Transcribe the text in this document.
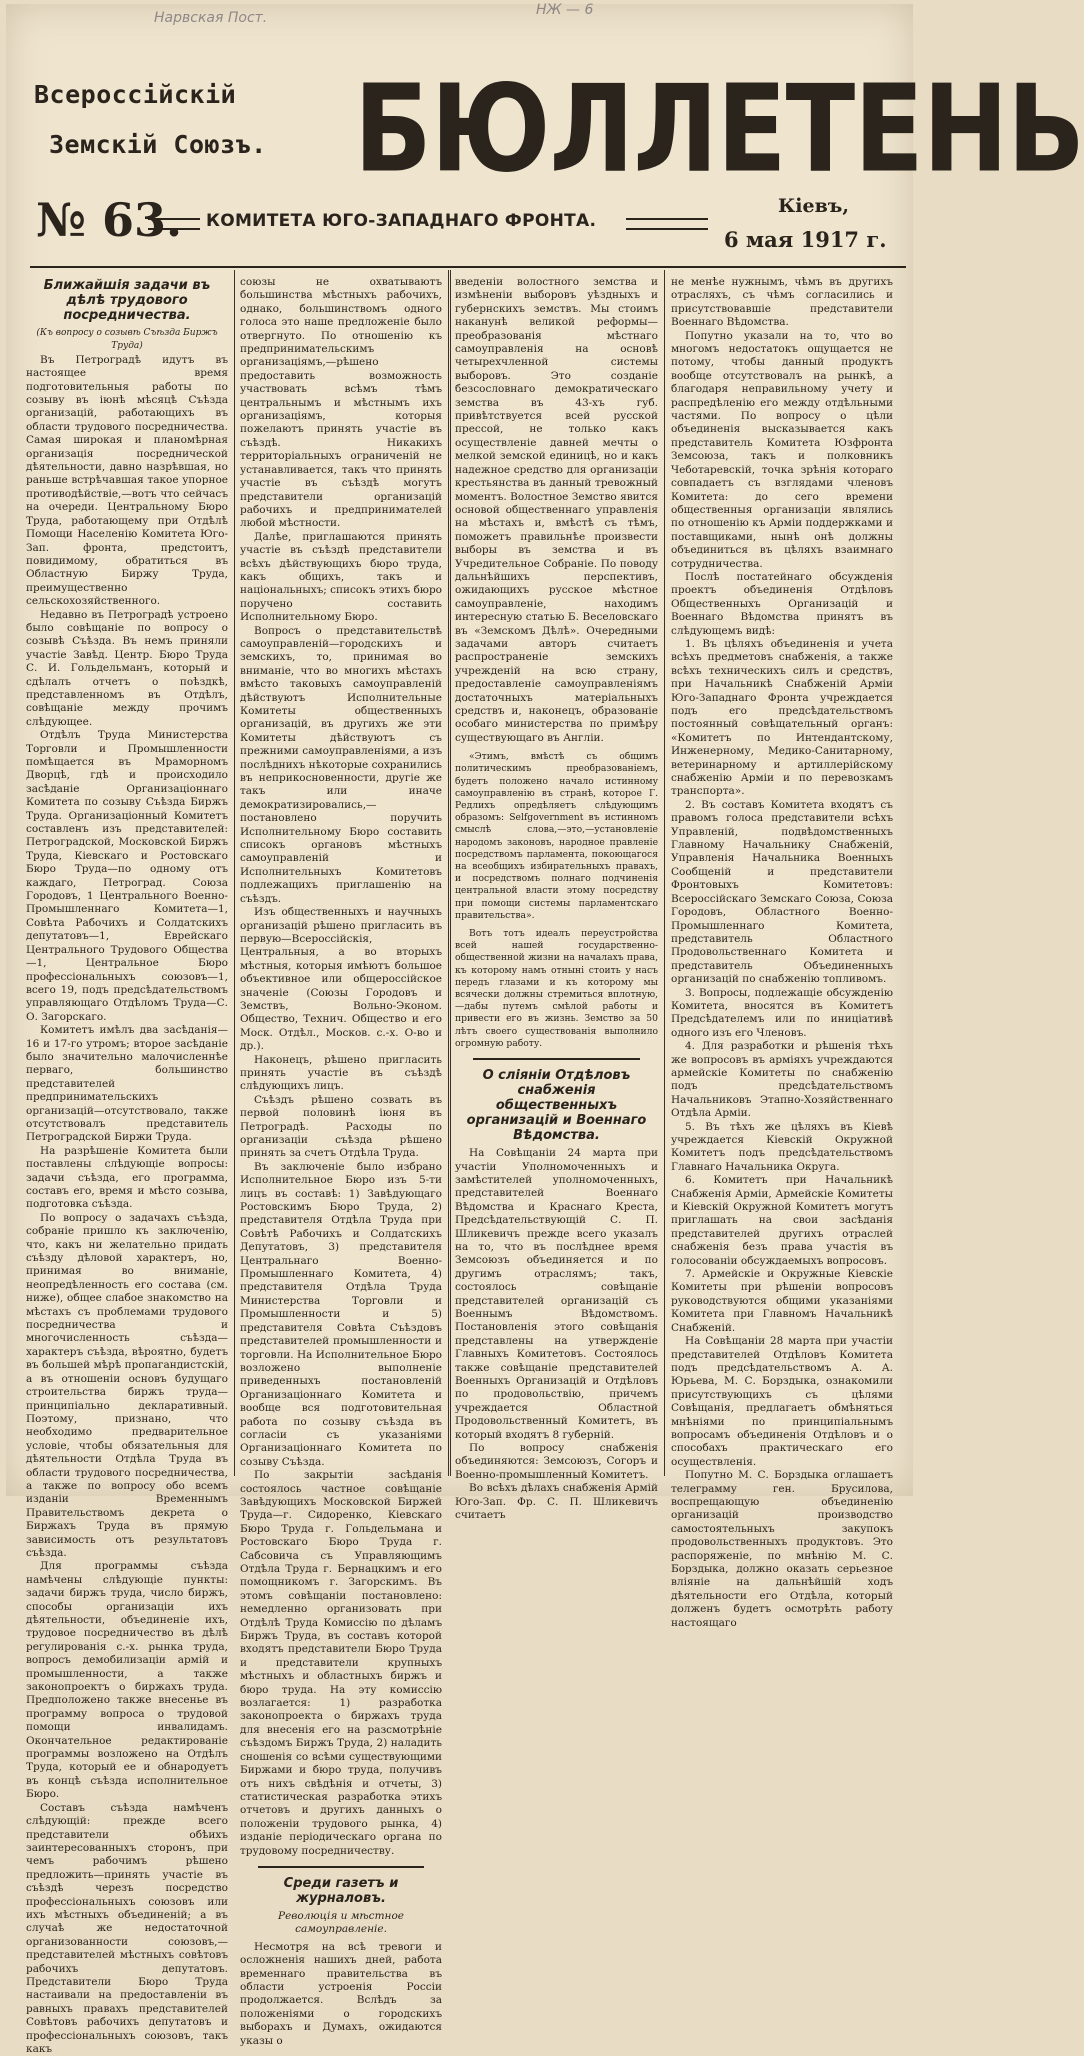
Нарвская Пост.	НЖ — 6
Всероссійскій
Земскій Союзъ. БЮЛЛЕТЕНЬ
№ 63. КОМИТЕТА ЮГО-ЗАПАДНАГО ФРОНТА.
Кіевъ,
6 мая 1917 г.
Ближайшія задачи въ дѣлѣ трудового посредничества.

(Къ вопросу о созывѣ Съѣзда Биржъ Труда)

Въ Петроградѣ идутъ въ настоящее время подготовительныя работы по созыву въ іюнѣ мѣсяцѣ Съѣзда организацій, работающихъ въ области трудового посредничества. Самая широкая и планомѣрная организація посреднической дѣятельности, давно назрѣвшая, но раньше встрѣчавшая такое упорное противодѣйствіе,—вотъ что сейчасъ на очереди. Центральному Бюро Труда, работающему при Отдѣлѣ Помощи Населенію Комитета Юго-Зап. фронта, предстоитъ, повидимому, обратиться въ Областную Биржу Труда, преимущественно сельскохозяйственного.

Недавно въ Петроградѣ устроено было совѣщаніе по вопросу о созывѣ Съѣзда. Въ немъ приняли участіе Завѣд. Центр. Бюро Труда С. И. Гольдельманъ, который и сдѣлалъ отчетъ о поѣздкѣ, представленномъ въ Отдѣлъ, совѣщаніе между прочимъ слѣдующее.

Отдѣлъ Труда Министерства Торговли и Промышленности помѣщается въ Мраморномъ Дворцѣ, гдѣ и происходило засѣданіе Организаціоннаго Комитета по созыву Съѣзда Биржъ Труда. Организаціонный Комитетъ составленъ изъ представителей: Петроградской, Московской Биржъ Труда, Кіевскаго и Ростовскаго Бюро Труда—по одному отъ каждаго, Петроград. Союза Городовъ, 1 Центрального Военно-Промышленнаго Комитета—1, Совѣта Рабочихъ и Солдатскихъ депутатовъ—1, Еврейскаго Центрального Трудового Общества—1, Центральное Бюро профессіональныхъ союзовъ—1, всего 19, подъ предсѣдательствомъ управляющаго Отдѣломъ Труда—С. О. Загорскаго.

Комитетъ имѣлъ два засѣданія—16 и 17-го утромъ; второе засѣданіе было значительно малочисленнѣе перваго, большинство представителей предпринимательскихъ организацій—отсутствовало, также отсутствовалъ представитель Петроградской Биржи Труда.

На разрѣшеніе Комитета были поставлены слѣдующіе вопросы: задачи съѣзда, его программа, составъ его, время и мѣсто созыва, подготовка съѣзда.

По вопросу о задачахъ съѣзда, собраніе пришло къ заключенію, что, какъ ни желательно придать съѣзду дѣловой характеръ, но, принимая во вниманіе, неопредѣленность его состава (см. ниже), общее слабое знакомство на мѣстахъ съ проблемами трудового посредничества и многочисленность съѣзда—характеръ съѣзда, вѣроятно, будетъ въ большей мѣрѣ пропагандистскій, а въ отношеніи основъ будущаго строительства биржъ труда—принципіально декларативный. Поэтому, признано, что необходимо предварительное условіе, чтобы обязательныя для дѣятельности Отдѣла Труда въ области трудового посредничества, а также по вопросу обо всемъ изданіи Временнымъ Правительствомъ декрета о Биржахъ Труда въ прямую зависимость отъ результатовъ съѣзда.

Для программы съѣзда намѣчены слѣдующіе пункты: задачи биржъ труда, число биржъ, способы организаціи ихъ дѣятельности, объединеніе ихъ, трудовое посредничество въ дѣлѣ регулированія с.-х. рынка труда, вопросъ демобилизаціи армій и промышленности, а также законопроектъ о биржахъ труда. Предположено также внесенье въ программу вопроса о трудовой помощи инвалидамъ. Окончательное редактированіе программы возложено на Отдѣлъ Труда, который ее и обнародуетъ въ концѣ съѣзда исполнительное Бюро.

Составъ съѣзда намѣченъ слѣдующій: прежде всего представители обѣихъ заинтересованныхъ сторонъ, при чемъ рабочимъ рѣшено предложить—принять участіе въ съѣздѣ черезъ посредство профессіональныхъ союзовъ или ихъ мѣстныхъ объединеній; а въ случаѣ же недостаточной организованности союзовъ,—представителей мѣстныхъ совѣтовъ рабочихъ депутатовъ. Представители Бюро Труда настаивали на предоставленіи въ равныхъ правахъ представителей Совѣтовъ рабочихъ депутатовъ и профессіональныхъ союзовъ, такъ какъ

союзы не охватываютъ большинства мѣстныхъ рабочихъ, однако, большинствомъ одного голоса это наше предложеніе было отвергнуто. По отношенію къ предпринимательскимъ организаціямъ,—рѣшено предоставить возможность участвовать всѣмъ тѣмъ центральнымъ и мѣстнымъ ихъ организаціямъ, которыя пожелаютъ принять участіе въ съѣздѣ. Никакихъ территоріальныхъ ограниченій не устанавливается, такъ что принять участіе въ съѣздѣ могутъ представители организацій рабочихъ и предпринимателей любой мѣстности.

Далѣе, приглашаются принять участіе въ съѣздѣ представители всѣхъ дѣйствующихъ бюро труда, какъ общихъ, такъ и національныхъ; списокъ этихъ бюро поручено составить Исполнительному Бюро.

Вопросъ о представительствѣ самоуправленій—городскихъ и земскихъ, то, принимая во вниманіе, что во многихъ мѣстахъ вмѣсто таковыхъ самоуправленій дѣйствуютъ Исполнительные Комитеты общественныхъ организацій, въ другихъ же эти Комитеты дѣйствуютъ съ прежними самоуправленіями, а изъ послѣднихъ нѣкоторые сохранились въ неприкосновенности, другіе же такъ или иначе демократизировались,—постановлено поручить Исполнительному Бюро составить списокъ органовъ мѣстныхъ самоуправленій и Исполнительныхъ Комитетовъ подлежащихъ приглашенію на съѣздъ.

Изъ общественныхъ и научныхъ организацій рѣшено пригласить въ первую—Всероссійскія, Центральныя, а во вторыхъ мѣстныя, которыя имѣютъ большое объективное или общероссійское значеніе (Союзы Городовъ и Земствъ, Вольно-Эконом. Общество, Технич. Общество и его Моск. Отдѣл., Москов. с.-х. О-во и др.).

Наконецъ, рѣшено пригласить принять участіе въ съѣздѣ слѣдующихъ лицъ.

Съѣздъ рѣшено созвать въ первой половинѣ іюня въ Петроградѣ. Расходы по организаціи съѣзда рѣшено принять за счетъ Отдѣла Труда.

Въ заключеніе было избрано Исполнительное Бюро изъ 5-ти лицъ въ составѣ: 1) Завѣдующаго Ростовскимъ Бюро Труда, 2) представителя Отдѣла Труда при Совѣтѣ Рабочихъ и Солдатскихъ Депутатовъ, 3) представителя Центральнаго Военно-Промышленнаго Комитета, 4) представителя Отдѣла Труда Министерства Торговли и Промышленности и 5) представителя Совѣта Съѣздовъ представителей промышленности и торговли. На Исполнительное Бюро возложено выполненіе приведенныхъ постановленій Организаціоннаго Комитета и вообще вся подготовительная работа по созыву съѣзда въ согласіи съ указаніями Организаціоннаго Комитета по созыву Съѣзда.

По закрытіи засѣданія состоялось частное совѣщаніе Завѣдующихъ Московской Биржей Труда—г. Сидоренко, Кіевскаго Бюро Труда г. Гольдельмана и Ростовскаго Бюро Труда г. Сабсовича съ Управляющимъ Отдѣла Труда г. Бернацкимъ и его помощникомъ г. Загорскимъ. Въ этомъ совѣщаніи постановлено: немедленно организовать при Отдѣлѣ Труда Комиссію по дѣламъ Биржъ Труда, въ составъ которой входятъ представители Бюро Труда и представители крупныхъ мѣстныхъ и областныхъ биржъ и бюро труда. На эту комиссію возлагается: 1) разработка законопроекта о биржахъ труда для внесенія его на разсмотрѣніе съѣздомъ Биржъ Труда, 2) наладить сношенія со всѣми существующими Биржами и бюро труда, получивъ отъ нихъ свѣдѣнія и отчеты, 3) статистическая разработка этихъ отчетовъ и другихъ данныхъ о положеніи трудового рынка, 4) изданіе періодическаго органа по трудовому посредничеству.

Среди газетъ и журналовъ.

Революція и мѣстное самоуправленіе.

Несмотря на всѣ тревоги и осложненія нашихъ дней, работа временнаго правительства въ области устроенія Россіи продолжается. Вслѣдъ за положеніями о городскихъ выборахъ и Думахъ, ожидаются указы о

введеніи волостного земства и измѣненіи выборовъ уѣздныхъ и губернскихъ земствъ. Мы стоимъ наканунѣ великой реформы—преобразованія мѣстнаго самоуправленія на основѣ четырехчленной системы выборовъ. Это созданіе безсословнаго демократическаго земства въ 43-хъ губ. привѣтствуется всей русской прессой, не только какъ осуществленіе давней мечты о мелкой земской единицѣ, но и какъ надежное средство для организаціи крестьянства въ данный тревожный моментъ. Волостное Земство явится основой общественнаго управленія на мѣстахъ и, вмѣстѣ съ тѣмъ, поможетъ правильнѣе произвести выборы въ земства и въ Учредительное Собраніе. По поводу дальнѣйшихъ перспективъ, ожидающихъ русское мѣстное самоуправленіе, находимъ интересную статью Б. Веселовскаго въ «Земскомъ Дѣлѣ». Очередными задачами авторъ считаетъ распространеніе земскихъ учрежденій на всю страну, предоставленіе самоуправленіямъ достаточныхъ матеріальныхъ средствъ и, наконецъ, образованіе особаго министерства по примѣру существующаго въ Англіи.

«Этимъ, вмѣстѣ съ общимъ политическимъ преобразованіемъ, будетъ положено начало истинному самоуправленію въ странѣ, которое Г. Редлихъ опредѣляетъ слѣдующимъ образомъ: Selfgovernment въ истинномъ смыслѣ слова,—это,—установленіе народомъ законовъ, народное правленіе посредствомъ парламента, покоющагося на всеобщихъ избирательныхъ правахъ, и посредствомъ полнаго подчиненія центральной власти этому посредству при помощи системы парламентскаго правительства».

Вотъ тотъ идеалъ переустройства всей нашей государственно-общественной жизни на началахъ права, къ которому намъ отныні стоить у насъ передъ глазами и къ которому мы всячески должны стремиться вплотную,—дабы путемъ смѣлой работы и привести его въ жизнь. Земство за 50 лѣтъ своего существованія выполнило огромную работу.

О сліяніи Отдѣловъ снабженія общественныхъ организацій и Военнаго Вѣдомства.

На Совѣщаніи 24 марта при участіи Уполномоченныхъ и замѣстителей уполномоченныхъ, представителей Военнаго Вѣдомства и Краснаго Креста, Предсѣдательствующій С. П. Шликевичъ прежде всего указалъ на то, что въ послѣднее время Земсоюзъ объединяется и по другимъ отраслямъ; такъ, состоялось совѣщаніе представителей организацій съ Военнымъ Вѣдомствомъ. Постановленія этого совѣщанія представлены на утвержденіе Главныхъ Комитетовъ. Состоялось также совѣщаніе представителей Военныхъ Организацій и Отдѣловъ по продовольствію, причемъ учреждается Областной Продовольственный Комитетъ, въ который входятъ 8 губерній.

По вопросу снабженія объединяются: Земсоюзъ, Согоръ и Военно-промышленный Комитетъ.

Во всѣхъ дѣлахъ снабженія Армій Юго-Зап. Фр. С. П. Шликевичъ считаетъ

не менѣе нужнымъ, чѣмъ въ другихъ отрасляхъ, съ чѣмъ согласились и присутствовавшіе представители Военнаго Вѣдомства.

Попутно указали на то, что во многомъ недостатокъ ощущается не потому, чтобы данный продуктъ вообще отсутствовалъ на рынкѣ, а благодаря неправильному учету и распредѣленію его между отдѣльными частями. По вопросу о цѣли объединенія высказывается какъ представитель Комитета Юзфронта Земсоюза, такъ и полковникъ Чеботаревскій, точка зрѣнія котораго совпадаетъ съ взглядами членовъ Комитета: до сего времени общественныя организаціи являлись по отношенію къ Арміи поддержками и поставщиками, нынѣ онѣ должны объединиться въ цѣляхъ взаимнаго сотрудничества.

Послѣ постатейнаго обсужденія проектъ объединенія Отдѣловъ Общественныхъ Организацій и Военнаго Вѣдомства принятъ въ слѣдующемъ видѣ:

1. Въ цѣляхъ объединенія и учета всѣхъ предметовъ снабженія, а также всѣхъ техническихъ силъ и средствъ, при Начальникѣ Снабженій Арміи Юго-Западнаго Фронта учреждается подъ его предсѣдательствомъ постоянный совѣщательный органъ: «Комитетъ по Интендантскому, Инженерному, Медико-Санитарному, ветеринарному и артиллерійскому снабженію Арміи и по перевозкамъ транспорта».

2. Въ составъ Комитета входятъ съ правомъ голоса представители всѣхъ Управленій, подвѣдомственныхъ Главному Начальнику Снабженій, Управленія Начальника Военныхъ Сообщеній и представители Фронтовыхъ Комитетовъ: Всероссійскаго Земскаго Союза, Союза Городовъ, Областного Военно-Промышленнаго Комитета, представитель Областного Продовольственнаго Комитета и представитель Объединенныхъ организацій по снабженію топливомъ.

3. Вопросы, подлежащіе обсужденію Комитета, вносятся въ Комитетъ Предсѣдателемъ или по иниціативѣ одного изъ его Членовъ.

4. Для разработки и рѣшенія тѣхъ же вопросовъ въ арміяхъ учреждаются армейскіе Комитеты по снабженію подъ предсѣдательствомъ Начальниковъ Этапно-Хозяйственнаго Отдѣла Арміи.

5. Въ тѣхъ же цѣляхъ въ Кіевѣ учреждается Кіевскій Окружной Комитетъ подъ предсѣдательствомъ Главнаго Начальника Округа.

6. Комитетъ при Начальникѣ Снабженія Арміи, Армейскіе Комитеты и Кіевскій Окружной Комитетъ могутъ приглашать на свои засѣданія представителей другихъ отраслей снабженія безъ права участія въ голосованіи обсуждаемыхъ вопросовъ.

7. Армейскіе и Окружные Кіевскіе Комитеты при рѣшеніи вопросовъ руководствуются общими указаніями Комитета при Главномъ Начальникѣ Снабженій.

На Совѣщаніи 28 марта при участіи представителей Отдѣловъ Комитета подъ предсѣдательствомъ А. А. Юрьева, М. С. Борздыка, ознакомили присутствующихъ съ цѣлями Совѣщанія, предлагаетъ обмѣняться мнѣніями по принципіальнымъ вопросамъ объединенія Отдѣловъ и о способахъ практическаго его осуществленія.

Попутно М. С. Борздыка оглашаетъ телеграмму ген. Брусилова, воспрещающую объединенію организацій производство самостоятельныхъ закупокъ продовольственныхъ продуктовъ. Это распоряженіе, по мнѣнію М. С. Борздыка, должно оказать серьезное вліяніе на дальнѣйшій ходъ дѣятельности его Отдѣла, который долженъ будетъ осмотрѣть работу настоящаго
